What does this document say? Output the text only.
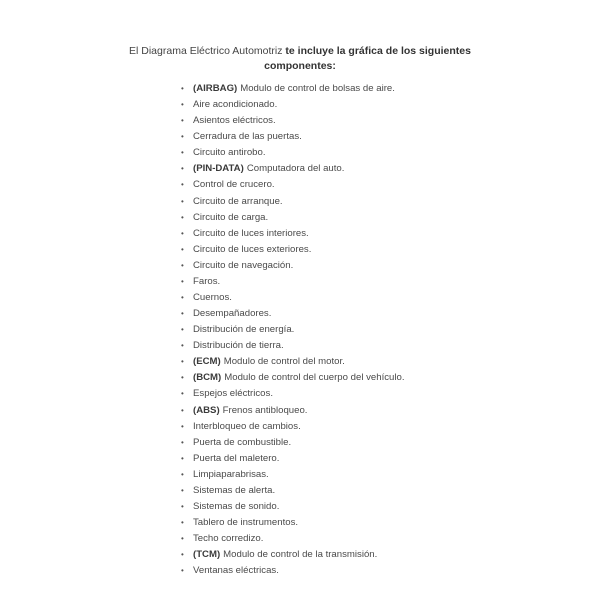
El Diagrama Eléctrico Automotriz te incluye la gráfica de los siguientes
componentes:
• (AIRBAG) Modulo de control de bolsas de aire.
• Aire acondicionado.
• Asientos eléctricos.
• Cerradura de las puertas.
• Circuito antirobo.
• (PIN-DATA) Computadora del auto.
• Control de crucero.
• Circuito de arranque.
• Circuito de carga.
• Circuito de luces interiores.
• Circuito de luces exteriores.
• Circuito de navegación.
• Faros.
• Cuernos.
• Desempañadores.
• Distribución de energía.
• Distribución de tierra.
• (ECM) Modulo de control del motor.
• (BCM) Modulo de control del cuerpo del vehículo.
• Espejos eléctricos.
• (ABS) Frenos antibloqueo.
• Interbloqueo de cambios.
• Puerta de combustible.
• Puerta del maletero.
• Limpiaparabrisas.
• Sistemas de alerta.
• Sistemas de sonido.
• Tablero de instrumentos.
• Techo corredizo.
• (TCM) Modulo de control de la transmisión.
• Ventanas eléctricas.
